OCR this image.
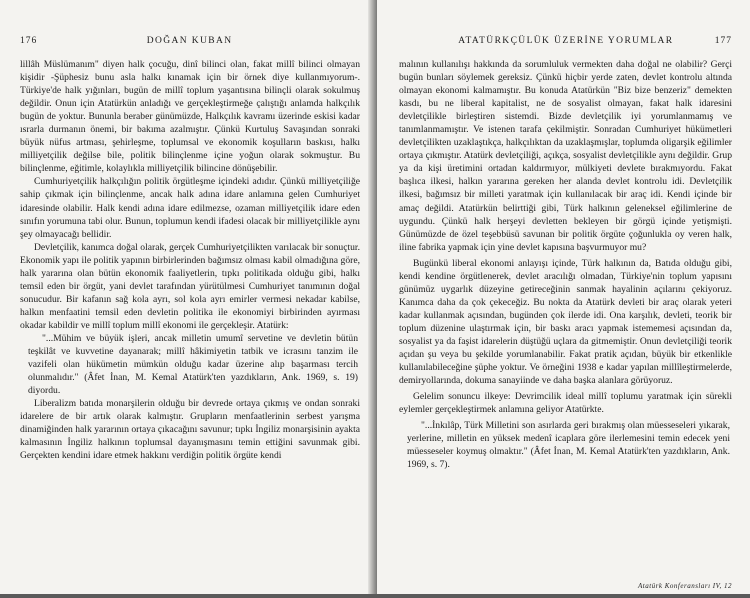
176	DOĞAN KUBAN

lillâh Müslümanım" diyen halk çocuğu, dinî bilinci olan, fakat millî bilinci olmayan kişidir -Şüphesiz bunu asla halkı kınamak için bir örnek diye kullanmıyorum-. Türkiye'de halk yığınları, bugün de millî toplum yaşantısına bilinçli olarak sokulmuş değildir. Onun için Atatürkün anladığı ve gerçekleştirmeğe çalıştığı anlamda halkçılık bugün de yoktur. Bununla beraber günümüzde, Halkçılık kavramı üzerinde eskisi kadar ısrarla durmanın önemi, bir bakıma azalmıştır. Çünkü Kurtuluş Savaşından sonraki büyük nüfus artması, şehirleşme, toplumsal ve ekonomik koşulların baskısı, halkı milliyetçilik değilse bile, politik bilinçlenme içine yoğun olarak sokmuştur. Bu bilinçlenme, eğitimle, kolaylıkla milliyetçilik bilincine dönüşebilir.

Cumhuriyetçilik halkçılığın politik örgütleşme içindeki adıdır. Çünkü milliyetçiliğe sahip çıkmak için bilinçlenme, ancak halk adına idare anlamına gelen Cumhuriyet idaresinde olabilir. Halk kendi adına idare edilmezse, ozaman milliyetçilik idare eden sınıfın yorumuna tabi olur. Bunun, toplumun kendi ifadesi olacak bir milliyetçilikle aynı şey olmayacağı bellidir.

Devletçilik, kanımca doğal olarak, gerçek Cumhuriyetçilikten varılacak bir sonuçtur. Ekonomik yapı ile politik yapının birbirlerinden bağımsız olması kabil olmadığına göre, halk yararına olan bütün ekonomik faaliyetlerin, tıpkı politikada olduğu gibi, halkı temsil eden bir örgüt, yani devlet tarafından yürütülmesi Cumhuriyet tanımının doğal sonucudur. Bir kafanın sağ kola ayrı, sol kola ayrı emirler vermesi nekadar kabilse, halkın menfaatini temsil eden devletin politika ile ekonomiyi birbirinden ayırması okadar kabildir ve millî toplum millî ekonomi ile gerçekleşir. Atatürk:

"...Mühim ve büyük işleri, ancak milletin umumî servetine ve devletin bütün teşkilât ve kuvvetine dayanarak; millî hâkimiyetin tatbik ve icrasını tanzim ile vazifeli olan hükümetin mümkün olduğu kadar üzerine alıp başarması tercih olunmalıdır." (Âfet İnan, M. Kemal Atatürk'ten yazdıkların, Ank. 1969, s. 19) diyordu.

Liberalizm batıda monarşilerin olduğu bir devrede ortaya çıkmış ve ondan sonraki idarelere de bir artık olarak kalmıştır. Grupların menfaatlerinin serbest yarışma dinamiğinden halk yararının ortaya çıkacağını savunur; tıpkı İngiliz monarşisinin ayakta kalmasının İngiliz halkının toplumsal dayanışmasını temin ettiğini savunmak gibi. Gerçekten kendini idare etmek hakkını verdiğin politik örgüte kendi

ATATÜRKÇÜLÜK ÜZERİNE YORUMLAR	177

malının kullanılışı hakkında da sorumluluk vermekten daha doğal ne olabilir? Gerçi bugün bunları söylemek gereksiz. Çünkü hiçbir yerde zaten, devlet kontrolu altında olmayan ekonomi kalmamıştır. Bu konuda Atatürkün "Biz bize benzeriz" demekten kasdı, bu ne liberal kapitalist, ne de sosyalist olmayan, fakat halk idaresini devletçilikle birleştiren sistemdi. Bizde devletçilik iyi yorumlanmamış ve tanımlanmamıştır. Ve istenen tarafa çekilmiştir. Sonradan Cumhuriyet hükümetleri devletçilikten uzaklaştıkça, halkçılıktan da uzaklaşmışlar, toplumda oligarşik eğilimler ortaya çıkmıştır. Atatürk devletçiliği, açıkça, sosyalist devletçilikle aynı değildir. Grup ya da kişi üretimini ortadan kaldırmıyor, mülkiyeti devlete bırakmıyordu. Fakat başlıca ilkesi, halkın yararına gereken her alanda devlet kontrolu idi. Devletçilik ilkesi, bağımsız bir milleti yaratmak için kullanılacak bir araç idi. Kendi içinde bir amaç değildi. Atatürkün belirttiği gibi, Türk halkının geleneksel eğilimlerine de uygundu. Çünkü halk herşeyi devletten bekleyen bir görgü içinde yetişmişti. Günümüzde de özel teşebbüsü savunan bir politik örgüte çoğunlukla oy veren halk, iline fabrika yapmak için yine devlet kapısına başvurmuyor mu?

Bugünkü liberal ekonomi anlayışı içinde, Türk halkının da, Batıda olduğu gibi, kendi kendine örgütlenerek, devlet aracılığı olmadan, Türkiye'nin toplum yapısını günümüz uygarlık düzeyine getireceğinin sanmak hayalinin açılarını çekiyoruz. Kanımca daha da çok çekeceğiz. Bu nokta da Atatürk devleti bir araç olarak yeteri kadar kullanmak açısından, bugünden çok ilerde idi. Ona karşılık, devleti, teorik bir toplum düzenine ulaştırmak için, bir baskı aracı yapmak istememesi açısından da, sosyalist ya da faşist idarelerin düştüğü uçlara da gitmemiştir. Onun devletçiliği teorik açıdan şu veya bu şekilde yorumlanabilir. Fakat pratik açıdan, büyük bir etkenlikle kullanılabileceğine şüphe yoktur. Ve örneğini 1938 e kadar yapılan millîleştirmelerde, demiryollarında, dokuma sanayiinde ve daha başka alanlara görüyoruz.

Gelelim sonuncu ilkeye: Devrimcilik ideal millî toplumu yaratmak için sürekli eylemler gerçekleştirmek anlamına geliyor Atatürkte.

"...İnkılâp, Türk Milletini son asırlarda geri bırakmış olan müesseseleri yıkarak, yerlerine, milletin en yüksek medenî icaplara göre ilerlemesini temin edecek yeni müesseseler koymuş olmaktır." (Âfet İnan, M. Kemal Atatürk'ten yazdıkların, Ank. 1969, s. 7).

Atatürk Konferansları IV, 12
